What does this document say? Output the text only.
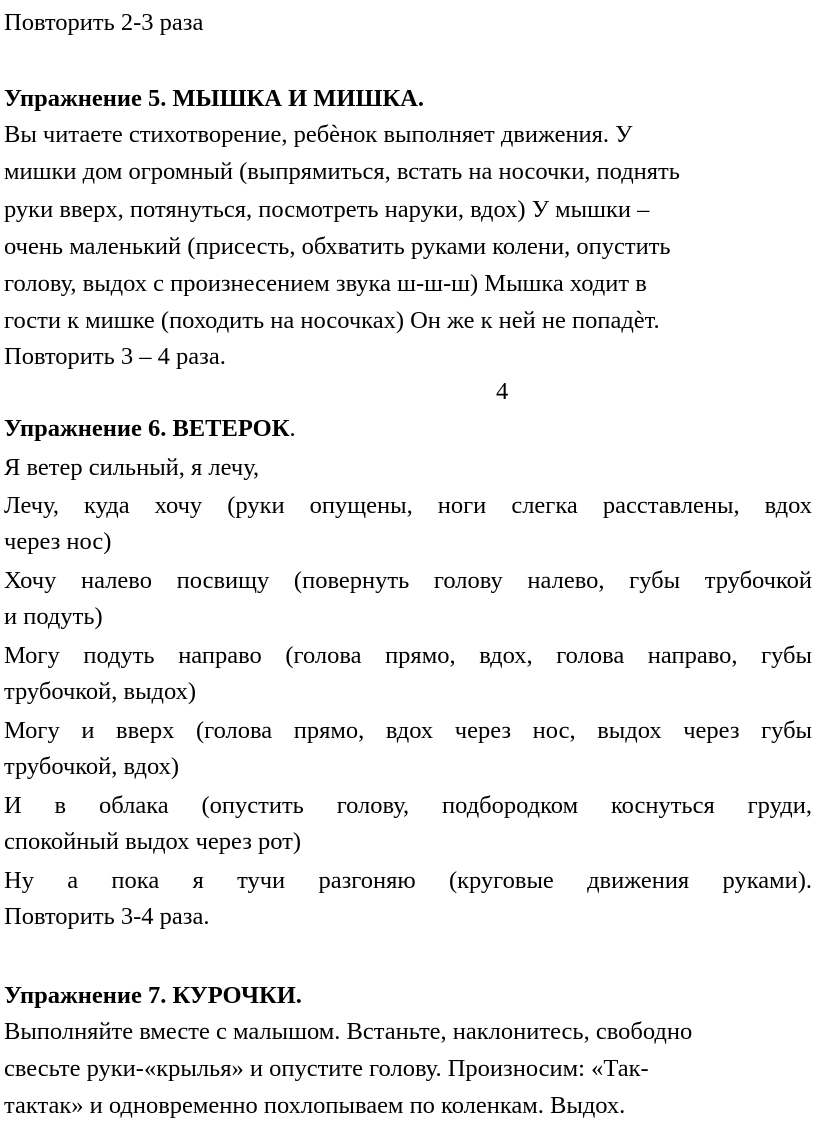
Повторить 2-3 раза
Упражнение 5. МЫШКА И МИШКА.
Вы читаете стихотворение, ребѐнок выполняет движения. У
мишки дом огромный (выпрямиться, встать на носочки, поднять
руки вверх, потянуться, посмотреть наруки, вдох) У мышки –
очень маленький (присесть, обхватить руками колени, опустить
голову, выдох с произнесением звука ш-ш-ш) Мышка ходит в
гости к мишке (походить на носочках) Он же к ней не попадѐт.
Повторить 3 – 4 раза.
4
Упражнение 6. ВЕТЕРОК.
Я ветер сильный, я лечу,
Лечу, куда хочу (руки опущены, ноги слегка расставлены, вдох
через нос)
Хочу налево посвищу (повернуть голову налево, губы трубочкой
и подуть)
Могу подуть направо (голова прямо, вдох, голова направо, губы
трубочкой, выдох)
Могу и вверх (голова прямо, вдох через нос, выдох через губы
трубочкой, вдох)
И в облака (опустить голову, подбородком коснуться груди,
спокойный выдох через рот)
Ну а пока я тучи разгоняю (круговые движения руками).
Повторить 3-4 раза.
Упражнение 7. КУРОЧКИ.
Выполняйте вместе с малышом. Встаньте, наклонитесь, свободно
свесьте руки-«крылья» и опустите голову. Произносим: «Так-
тактак» и одновременно похлопываем по коленкам. Выдох.
